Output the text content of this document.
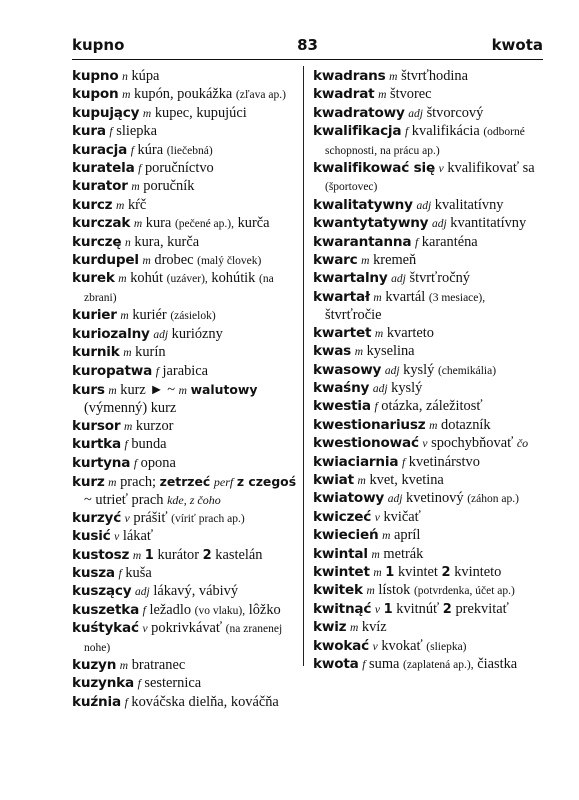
kupno	83	kwota
kupno n kúpa
kupon m kupón, poukážka (zľava ap.)
kupujący m kupec, kupujúci
kura f sliepka
kuracja f kúra (liečebná)
kuratela f poručníctvo
kurator m poručník
kurcz m kŕč
kurczak m kura (pečené ap.), kurča
kurczę n kura, kurča
kurdupel m drobec (malý človek)
kurek m kohút (uzáver), kohútik (na zbrani)
kurier m kuriér (zásielok)
kuriozalny adj kuriózny
kurnik m kurín
kuropatwa f jarabica
kurs m kurz ► ~ m walutowy (výmenný) kurz
kursor m kurzor
kurtka f bunda
kurtyna f opona
kurz m prach; zetrzeć perf z czegoś ~ utrieť prach kde, z čoho
kurzyć v prášiť (víriť prach ap.)
kusić v lákať
kustosz m 1 kurátor 2 kastelán
kusza f kuša
kuszący adj lákavý, vábivý
kuszetka f ležadlo (vo vlaku), lôžko
kuśtykać v pokrivkávať (na zranenej nohe)
kuzyn m bratranec
kuzynka f sesternica
kuźnia f kováčska dielňa, kováčňa
kwadrans m štvrťhodina
kwadrat m štvorec
kwadratowy adj štvorcový
kwalifikacja f kvalifikácia (odborné schopnosti, na prácu ap.)
kwalifikować się v kvalifikovať sa (športovec)
kwalitatywny adj kvalitatívny
kwantytatywny adj kvantitatívny
kwarantanna f karanténa
kwarc m kremeň
kwartalny adj štvrťročný
kwartał m kvartál (3 mesiace), štvrťročie
kwartet m kvarteto
kwas m kyselina
kwasowy adj kyslý (chemikália)
kwaśny adj kyslý
kwestia f otázka, záležitosť
kwestionariusz m dotazník
kwestionować v spochybňovať čo
kwiaciarnia f kvetinárstvo
kwiat m kvet, kvetina
kwiatowy adj kvetinový (záhon ap.)
kwiczeć v kvičať
kwiecień m apríl
kwintal m metrák
kwintet m 1 kvintet 2 kvinteto
kwitek m lístok (potvrdenka, účet ap.)
kwitnąć v 1 kvitnúť 2 prekvitať
kwiz m kvíz
kwokać v kvokať (sliepka)
kwota f suma (zaplatená ap.), čiastka
